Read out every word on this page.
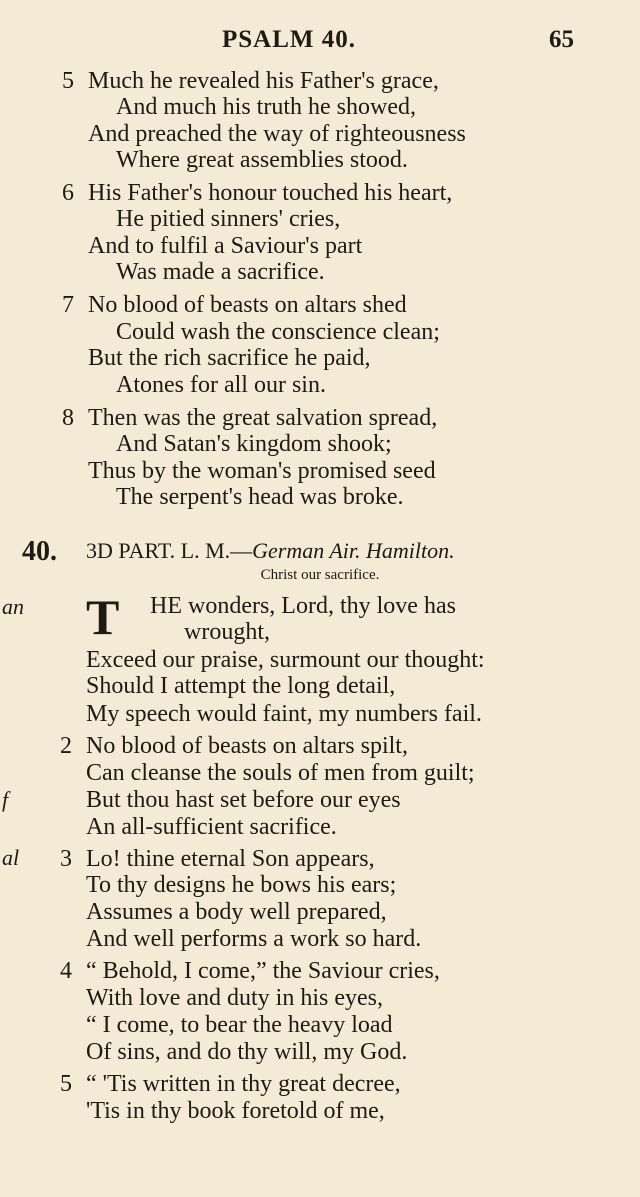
PSALM 40.	65
5 Much he revealed his Father's grace,
And much his truth he showed,
And preached the way of righteousness
Where great assemblies stood.
6 His Father's honour touched his heart,
He pitied sinners' cries,
And to fulfil a Saviour's part
Was made a sacrifice.
7 No blood of beasts on altars shed
Could wash the conscience clean;
But the rich sacrifice he paid,
Atones for all our sin.
8 Then was the great salvation spread,
And Satan's kingdom shook;
Thus by the woman's promised seed
The serpent's head was broke.
40. 3D PART. L. M.—German Air. Hamilton.
Christ our sacrifice.
an
f
al
T HE wonders, Lord, thy love has
wrought,
Exceed our praise, surmount our thought:
Should I attempt the long detail,
My speech would faint, my numbers fail.
2 No blood of beasts on altars spilt,
Can cleanse the souls of men from guilt;
But thou hast set before our eyes
An all-sufficient sacrifice.
3 Lo! thine eternal Son appears,
To thy designs he bows his ears;
Assumes a body well prepared,
And well performs a work so hard.
4 “ Behold, I come,” the Saviour cries,
With love and duty in his eyes,
“ I come, to bear the heavy load
Of sins, and do thy will, my God.
5 “ 'Tis written in thy great decree,
'Tis in thy book foretold of me,
